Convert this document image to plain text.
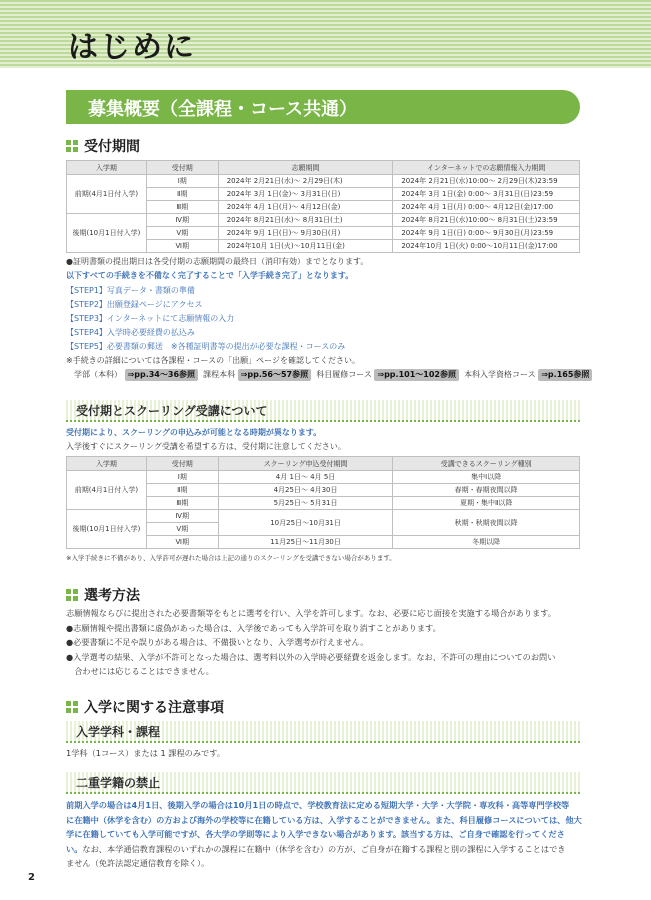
はじめに
募集概要（全課程・コース共通）
受付期間
入学期	受付期	志願期間	インターネットでの志願情報入力期間
前期(4月1日付入学)	Ⅰ期	2024年 2月21日(水)～ 2月29日(木)	2024年 2月21日(水)10:00～ 2月29日(木)23:59
	Ⅱ期	2024年 3月 1日(金)～ 3月31日(日)	2024年 3月 1日(金) 0:00～ 3月31日(日)23:59
	Ⅲ期	2024年 4月 1日(月)～ 4月12日(金)	2024年 4月 1日(月) 0:00～ 4月12日(金)17:00
後期(10月1日付入学)	Ⅳ期	2024年 8月21日(水)～ 8月31日(土)	2024年 8月21日(水)10:00～ 8月31日(土)23:59
	Ⅴ期	2024年 9月 1日(日)～ 9月30日(月)	2024年 9月 1日(日) 0:00～ 9月30日(月)23:59
	Ⅵ期	2024年10月 1日(火)～10月11日(金)	2024年10月 1日(火) 0:00～10月11日(金)17:00
●証明書類の提出期日は各受付期の志願期間の最終日（消印有効）までとなります。
以下すべての手続きを不備なく完了することで「入学手続き完了」となります。
【STEP1】写真データ・書類の準備
【STEP2】出願登録ページにアクセス
【STEP3】インターネットにて志願情報の入力
【STEP4】入学時必要経費の払込み
【STEP5】必要書類の郵送　※各種証明書等の提出が必要な課程・コースのみ
※手続きの詳細については各課程・コースの「出願」ページを確認してください。
学部（本科） ⇒pp.34〜36参照 課程本科 ⇒pp.56〜57参照 科目履修コース ⇒pp.101〜102参照 本科入学資格コース ⇒p.165参照
受付期とスクーリング受講について
受付期により、スクーリングの申込みが可能となる時期が異なります。
入学後すぐにスクーリング受講を希望する方は、受付期に注意してください。
入学期	受付期	スクーリング申込受付期間	受講できるスクーリング種別
前期(4月1日付入学)	Ⅰ期	4月 1日～ 4月 5日	集中Ⅰ以降
	Ⅱ期	4月25日～ 4月30日	春期・春期夜間以降
	Ⅲ期	5月25日～ 5月31日	夏期・集中Ⅱ以降
後期(10月1日付入学)	Ⅳ期	10月25日～10月31日	秋期・秋期夜間以降
	Ⅴ期		
	Ⅵ期	11月25日～11月30日	冬期以降
※入学手続きに不備があり、入学許可が遅れた場合は上記の通りのスクーリングを受講できない場合があります。
選考方法
志願情報ならびに提出された必要書類等をもとに選考を行い、入学を許可します。なお、必要に応じ面接を実施する場合があります。
●志願情報や提出書類に虚偽があった場合は、入学後であっても入学許可を取り消すことがあります。
●必要書類に不足や誤りがある場合は、不備扱いとなり、入学選考が行えません。
●入学選考の結果、入学が不許可となった場合は、選考料以外の入学時必要経費を返金します。なお、不許可の理由についてのお問い
　合わせには応じることはできません。
入学に関する注意事項
入学学科・課程
1学科（1コース）または 1 課程のみです。
二重学籍の禁止
前期入学の場合は4月1日、後期入学の場合は10月1日の時点で、学校教育法に定める短期大学・大学・大学院・専攻科・高等専門学校等
に在籍中（休学を含む）の方および海外の学校等に在籍している方は、入学することができません。また、科目履修コースについては、他大
学に在籍していても入学可能ですが、各大学の学則等により入学できない場合があります。該当する方は、ご自身で確認を行ってくださ
い。なお、本学通信教育課程のいずれかの課程に在籍中（休学を含む）の方が、ご自身が在籍する課程と別の課程に入学することはでき
ません（免許法認定通信教育を除く）。
2
